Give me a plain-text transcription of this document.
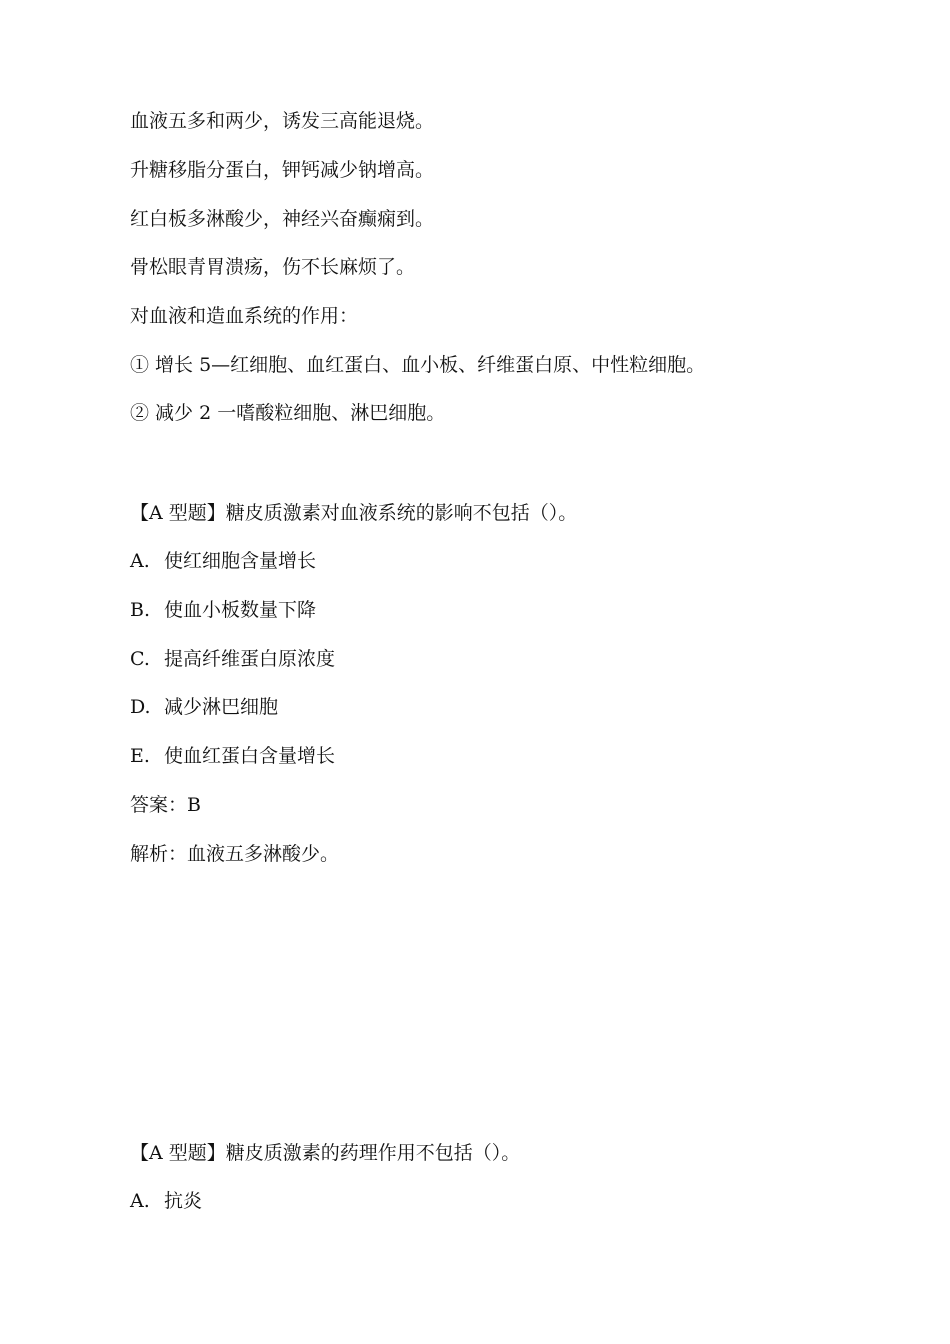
血液五多和两少，诱发三高能退烧。

升糖移脂分蛋白，钾钙减少钠增高。

红白板多淋酸少，神经兴奋癫痫到。

骨松眼青胃溃疡，伤不长麻烦了。

对血液和造血系统的作用：

① 增长 5—红细胞、血红蛋白、血小板、纤维蛋白原、中性粒细胞。

② 减少 2 一嗜酸粒细胞、淋巴细胞。

【A 型题】糖皮质激素对血液系统的影响不包括（）。

A. 使红细胞含量增长

B. 使血小板数量下降

C. 提高纤维蛋白原浓度

D. 减少淋巴细胞

E. 使血红蛋白含量增长

答案：B

解析：血液五多淋酸少。

【A 型题】糖皮质激素的药理作用不包括（）。

A. 抗炎
